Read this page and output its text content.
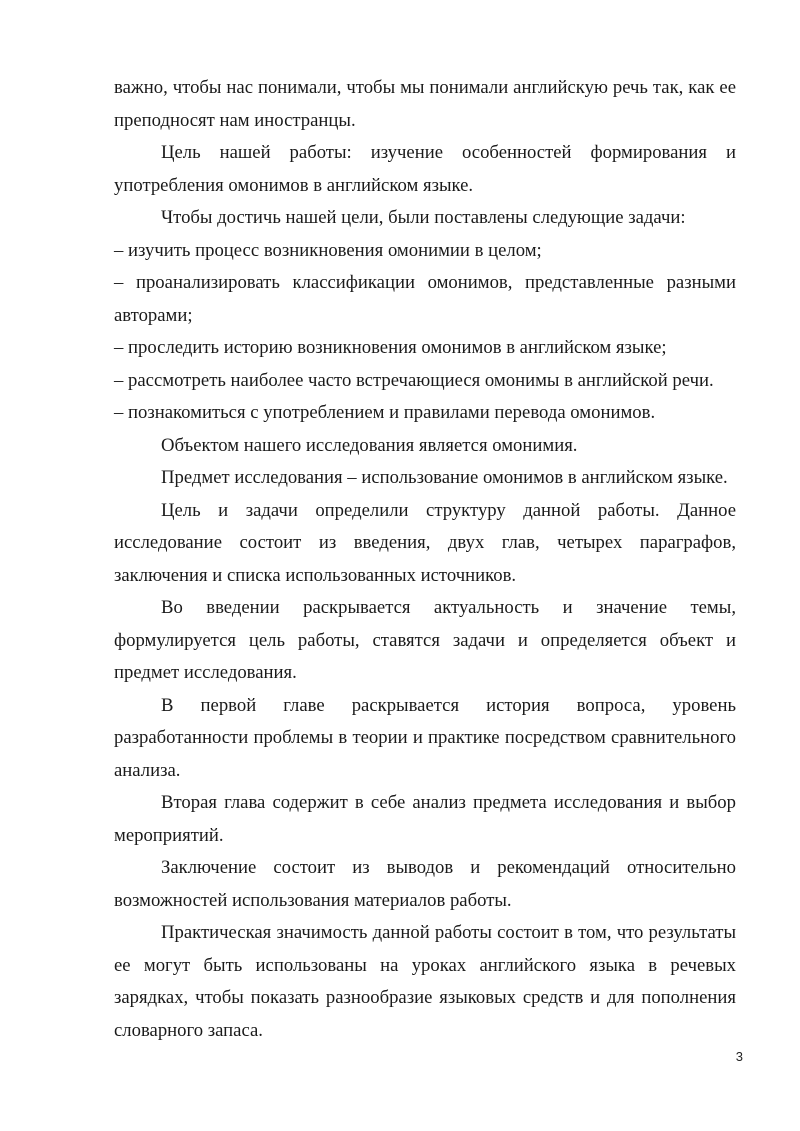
важно, чтобы нас понимали, чтобы мы понимали английскую речь так, как ее преподносят нам иностранцы.

Цель нашей работы: изучение особенностей формирования и употребления омонимов в английском языке.

Чтобы достичь нашей цели, были поставлены следующие задачи:

– изучить процесс возникновения омонимии в целом;

– проанализировать классификации омонимов, представленные разными авторами;

– проследить историю возникновения омонимов в английском языке;

– рассмотреть наиболее часто встречающиеся омонимы в английской речи.

– познакомиться с употреблением и правилами перевода омонимов.

Объектом нашего исследования является омонимия.

Предмет исследования – использование омонимов в английском языке.

Цель и задачи определили структуру данной работы. Данное исследование состоит из введения, двух глав, четырех параграфов, заключения и списка использованных источников.

Во введении раскрывается актуальность и значение темы, формулируется цель работы, ставятся задачи и определяется объект и предмет исследования.

В первой главе раскрывается история вопроса, уровень разработанности проблемы в теории и практике посредством сравнительного анализа.

Вторая глава содержит в себе анализ предмета исследования и выбор мероприятий.

Заключение состоит из выводов и рекомендаций относительно возможностей использования материалов работы.

Практическая значимость данной работы состоит в том, что результаты ее могут быть использованы на уроках английского языка в речевых зарядках, чтобы показать разнообразие языковых средств и для пополнения словарного запаса.

3
